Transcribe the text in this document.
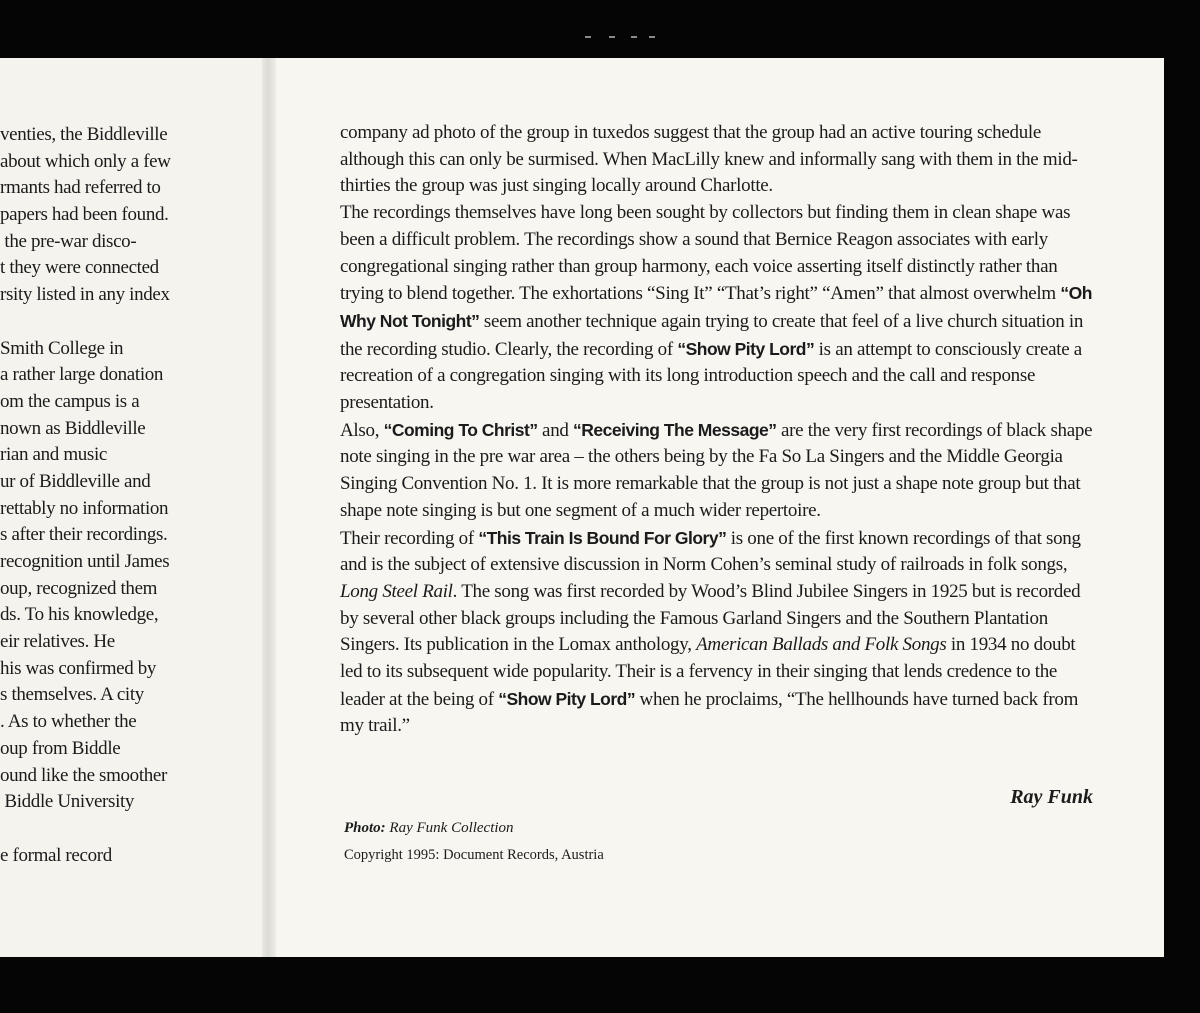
venties, the Biddleville
about which only a few
rmants had referred to
papers had been found.
the pre-war disco-
t they were connected
rsity listed in any index
Smith College in
a rather large donation
om the campus is a
nown as Biddleville
rian and music
ur of Biddleville and
rettably no information
s after their recordings.
recognition until James
oup, recognized them
ds. To his knowledge,
eir relatives. He
his was confirmed by
s themselves. A city
. As to whether the
oup from Biddle
ound like the smoother
Biddle University
e formal record

company ad photo of the group in tuxedos suggest that the group had an active touring schedule although this can only be surmised. When MacLilly knew and informally sang with them in the mid-thirties the group was just singing locally around Charlotte.

The recordings themselves have long been sought by collectors but finding them in clean shape was been a difficult problem. The recordings show a sound that Bernice Reagon associates with early congregational singing rather than group harmony, each voice asserting itself distinctly rather than trying to blend together. The exhortations “Sing It” “That’s right” “Amen” that almost overwhelm “Oh Why Not Tonight” seem another technique again trying to create that feel of a live church situation in the recording studio. Clearly, the recording of “Show Pity Lord” is an attempt to consciously create a recreation of a congregation singing with its long introduction speech and the call and response presentation.

Also, “Coming To Christ” and “Receiving The Message” are the very first recordings of black shape note singing in the pre war area – the others being by the Fa So La Singers and the Middle Georgia Singing Convention No. 1. It is more remarkable that the group is not just a shape note group but that shape note singing is but one segment of a much wider repertoire.

Their recording of “This Train Is Bound For Glory” is one of the first known recordings of that song and is the subject of extensive discussion in Norm Cohen’s seminal study of railroads in folk songs, Long Steel Rail. The song was first recorded by Wood’s Blind Jubilee Singers in 1925 but is recorded by several other black groups including the Famous Garland Singers and the Southern Plantation Singers. Its publication in the Lomax anthology, American Ballads and Folk Songs in 1934 no doubt led to its subsequent wide popularity. Their is a fervency in their singing that lends credence to the leader at the being of “Show Pity Lord” when he proclaims, “The hellhounds have turned back from my trail.”

Ray Funk
Photo: Ray Funk Collection
Copyright 1995: Document Records, Austria
